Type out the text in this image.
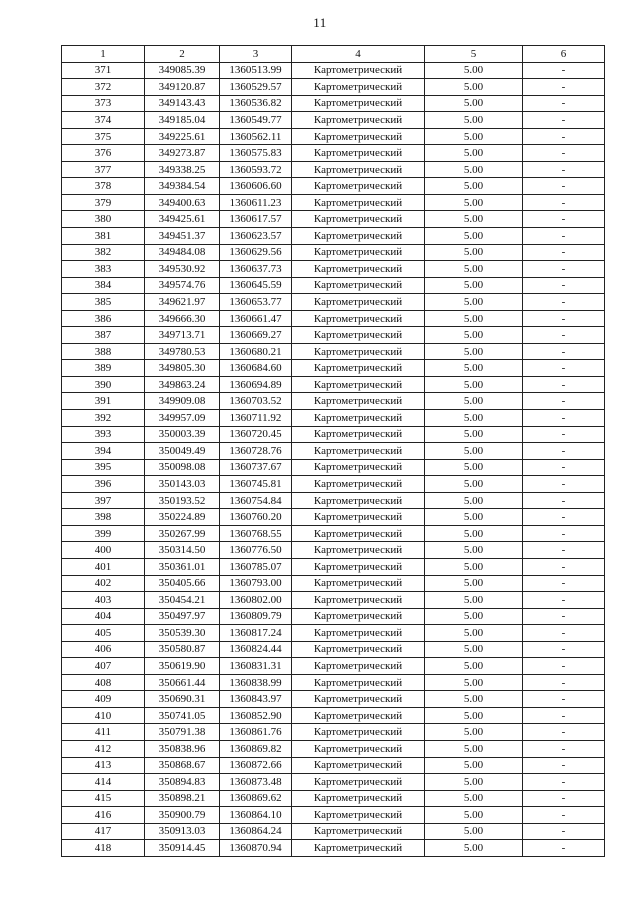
11
1	2	3	4	5	6
371	349085.39	1360513.99	Картометрический	5.00	-
372	349120.87	1360529.57	Картометрический	5.00	-
373	349143.43	1360536.82	Картометрический	5.00	-
374	349185.04	1360549.77	Картометрический	5.00	-
375	349225.61	1360562.11	Картометрический	5.00	-
376	349273.87	1360575.83	Картометрический	5.00	-
377	349338.25	1360593.72	Картометрический	5.00	-
378	349384.54	1360606.60	Картометрический	5.00	-
379	349400.63	1360611.23	Картометрический	5.00	-
380	349425.61	1360617.57	Картометрический	5.00	-
381	349451.37	1360623.57	Картометрический	5.00	-
382	349484.08	1360629.56	Картометрический	5.00	-
383	349530.92	1360637.73	Картометрический	5.00	-
384	349574.76	1360645.59	Картометрический	5.00	-
385	349621.97	1360653.77	Картометрический	5.00	-
386	349666.30	1360661.47	Картометрический	5.00	-
387	349713.71	1360669.27	Картометрический	5.00	-
388	349780.53	1360680.21	Картометрический	5.00	-
389	349805.30	1360684.60	Картометрический	5.00	-
390	349863.24	1360694.89	Картометрический	5.00	-
391	349909.08	1360703.52	Картометрический	5.00	-
392	349957.09	1360711.92	Картометрический	5.00	-
393	350003.39	1360720.45	Картометрический	5.00	-
394	350049.49	1360728.76	Картометрический	5.00	-
395	350098.08	1360737.67	Картометрический	5.00	-
396	350143.03	1360745.81	Картометрический	5.00	-
397	350193.52	1360754.84	Картометрический	5.00	-
398	350224.89	1360760.20	Картометрический	5.00	-
399	350267.99	1360768.55	Картометрический	5.00	-
400	350314.50	1360776.50	Картометрический	5.00	-
401	350361.01	1360785.07	Картометрический	5.00	-
402	350405.66	1360793.00	Картометрический	5.00	-
403	350454.21	1360802.00	Картометрический	5.00	-
404	350497.97	1360809.79	Картометрический	5.00	-
405	350539.30	1360817.24	Картометрический	5.00	-
406	350580.87	1360824.44	Картометрический	5.00	-
407	350619.90	1360831.31	Картометрический	5.00	-
408	350661.44	1360838.99	Картометрический	5.00	-
409	350690.31	1360843.97	Картометрический	5.00	-
410	350741.05	1360852.90	Картометрический	5.00	-
411	350791.38	1360861.76	Картометрический	5.00	-
412	350838.96	1360869.82	Картометрический	5.00	-
413	350868.67	1360872.66	Картометрический	5.00	-
414	350894.83	1360873.48	Картометрический	5.00	-
415	350898.21	1360869.62	Картометрический	5.00	-
416	350900.79	1360864.10	Картометрический	5.00	-
417	350913.03	1360864.24	Картометрический	5.00	-
418	350914.45	1360870.94	Картометрический	5.00	-
